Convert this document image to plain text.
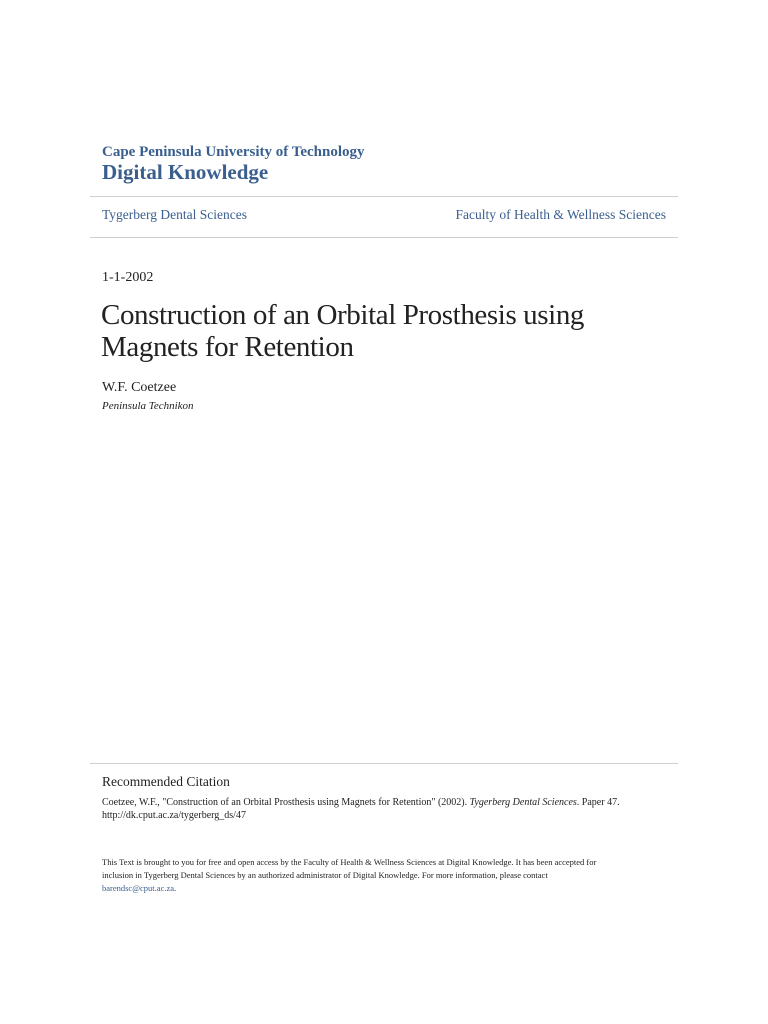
Cape Peninsula University of Technology
Digital Knowledge
Tygerberg Dental Sciences	Faculty of Health & Wellness Sciences
1-1-2002
Construction of an Orbital Prosthesis using
Magnets for Retention
W.F. Coetzee
Peninsula Technikon
Recommended Citation
Coetzee, W.F., "Construction of an Orbital Prosthesis using Magnets for Retention" (2002). Tygerberg Dental Sciences. Paper 47.
http://dk.cput.ac.za/tygerberg_ds/47
This Text is brought to you for free and open access by the Faculty of Health & Wellness Sciences at Digital Knowledge. It has been accepted for
inclusion in Tygerberg Dental Sciences by an authorized administrator of Digital Knowledge. For more information, please contact
barendsc@cput.ac.za.
